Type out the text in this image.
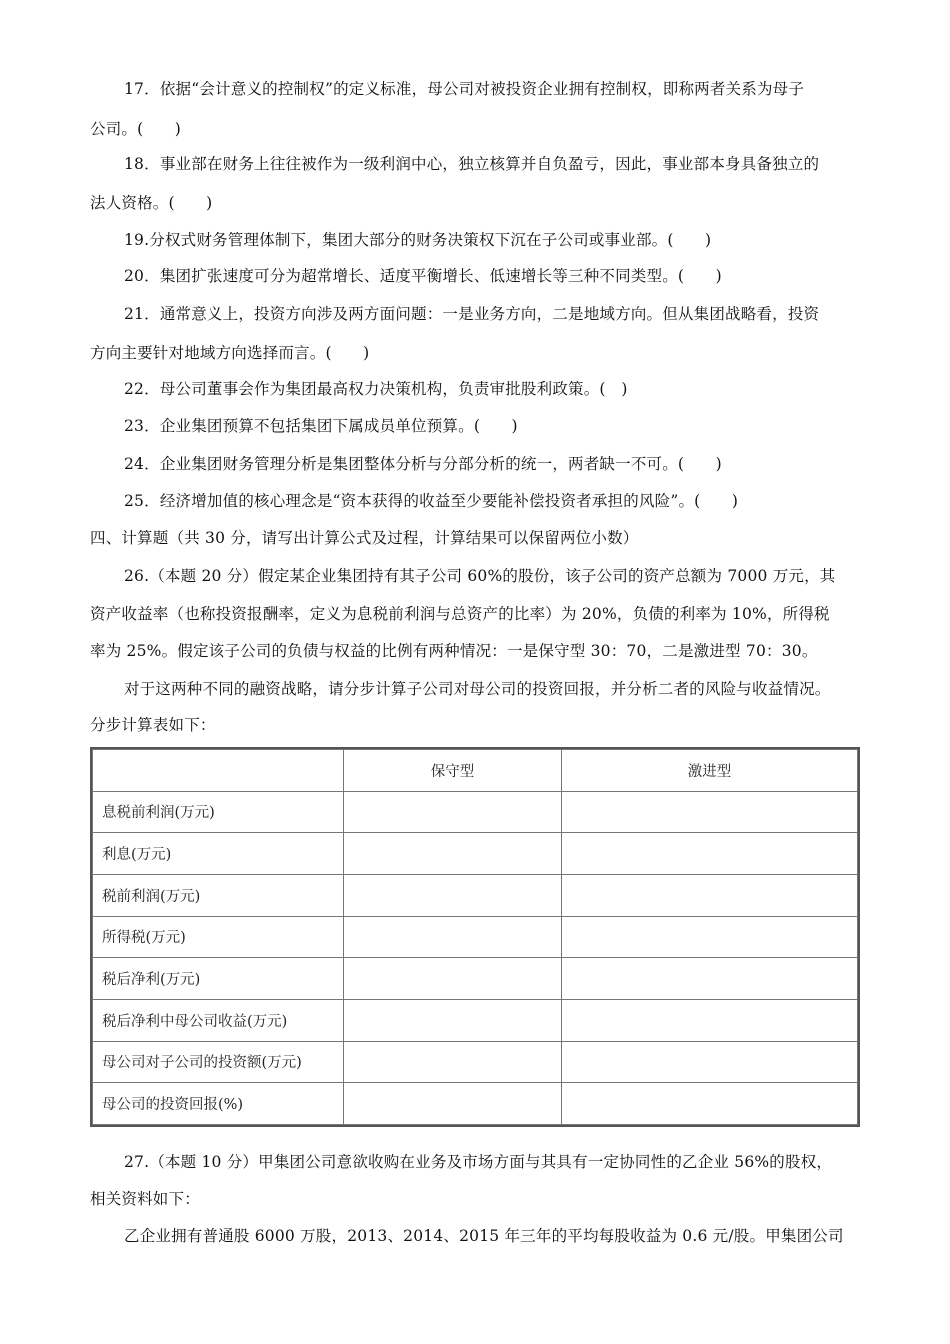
17．依据“会计意义的控制权”的定义标准，母公司对被投资企业拥有控制权，即称两者关系为母子
公司。(　　)
18．事业部在财务上往往被作为一级利润中心，独立核算并自负盈亏，因此，事业部本身具备独立的
法人资格。(　　)
19.分权式财务管理体制下，集团大部分的财务决策权下沉在子公司或事业部。(　　)
20．集团扩张速度可分为超常增长、适度平衡增长、低速增长等三种不同类型。(　　)
21．通常意义上，投资方向涉及两方面问题：一是业务方向，二是地域方向。但从集团战略看，投资
方向主要针对地域方向选择而言。(　　)
22．母公司董事会作为集团最高权力决策机构，负责审批股利政策。(　)
23．企业集团预算不包括集团下属成员单位预算。(　　)
24．企业集团财务管理分析是集团整体分析与分部分析的统一，两者缺一不可。(　　)
25．经济增加值的核心理念是“资本获得的收益至少要能补偿投资者承担的风险”。(　　)
四、计算题（共 30 分，请写出计算公式及过程，计算结果可以保留两位小数）
26.（本题 20 分）假定某企业集团持有其子公司 60%的股份，该子公司的资产总额为 7000 万元，其
资产收益率（也称投资报酬率，定义为息税前利润与总资产的比率）为 20%，负债的利率为 10%，所得税
率为 25%。假定该子公司的负债与权益的比例有两种情况：一是保守型 30：70，二是激进型 70：30。
对于这两种不同的融资战略，请分步计算子公司对母公司的投资回报，并分析二者的风险与收益情况。
分步计算表如下：
	保守型	激进型
息税前利润(万元)		
利息(万元)		
税前利润(万元)		
所得税(万元)		
税后净利(万元)		
税后净利中母公司收益(万元)		
母公司对子公司的投资额(万元)		
母公司的投资回报(%)		
27.（本题 10 分）甲集团公司意欲收购在业务及市场方面与其具有一定协同性的乙企业 56%的股权，
相关资料如下：
乙企业拥有普通股 6000 万股，2013、2014、2015 年三年的平均每股收益为 0.6 元/股。甲集团公司
